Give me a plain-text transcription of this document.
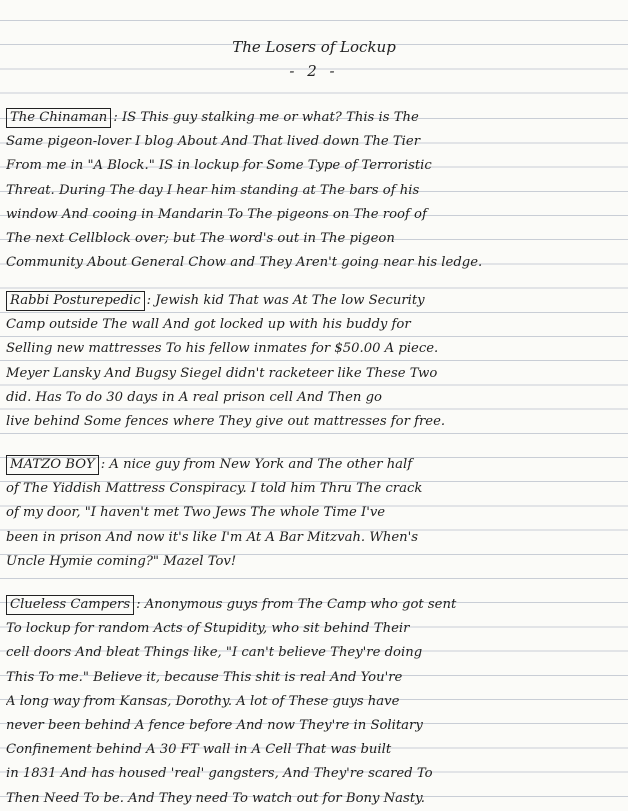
The Losers of Lockup
- 2 -
The Chinaman : IS This guy stalking me or what? This is The
Same pigeon-lover I blog About And That lived down The Tier
From me in "A Block." IS in lockup for Some Type of Terroristic
Threat. During The day I hear him standing at The bars of his
window And cooing in Mandarin To The pigeons on The roof of
The next Cellblock over; but The word's out in The pigeon
Community About General Chow and They Aren't going near his ledge.
Rabbi Posturepedic : Jewish kid That was At The low Security
Camp outside The wall And got locked up with his buddy for
Selling new mattresses To his fellow inmates for $50.00 A piece.
Meyer Lansky And Bugsy Siegel didn't racketeer like These Two
did. Has To do 30 days in A real prison cell And Then go
live behind Some fences where They give out mattresses for free.
MATZO BOY : A nice guy from New York and The other half
of The Yiddish Mattress Conspiracy. I told him Thru The crack
of my door, "I haven't met Two Jews The whole Time I've
been in prison And now it's like I'm At A Bar Mitzvah. When's
Uncle Hymie coming?" Mazel Tov!
Clueless Campers : Anonymous guys from The Camp who got sent
To lockup for random Acts of Stupidity, who sit behind Their
cell doors And bleat Things like, "I can't believe They're doing
This To me." Believe it, because This shit is real And You're
A long way from Kansas, Dorothy. A lot of These guys have
never been behind A fence before And now They're in Solitary
Confinement behind A 30 FT wall in A Cell That was built
in 1831 And has housed 'real' gangsters, And They're scared To
Then Need To be. And They need To watch out for Bony Nasty.
